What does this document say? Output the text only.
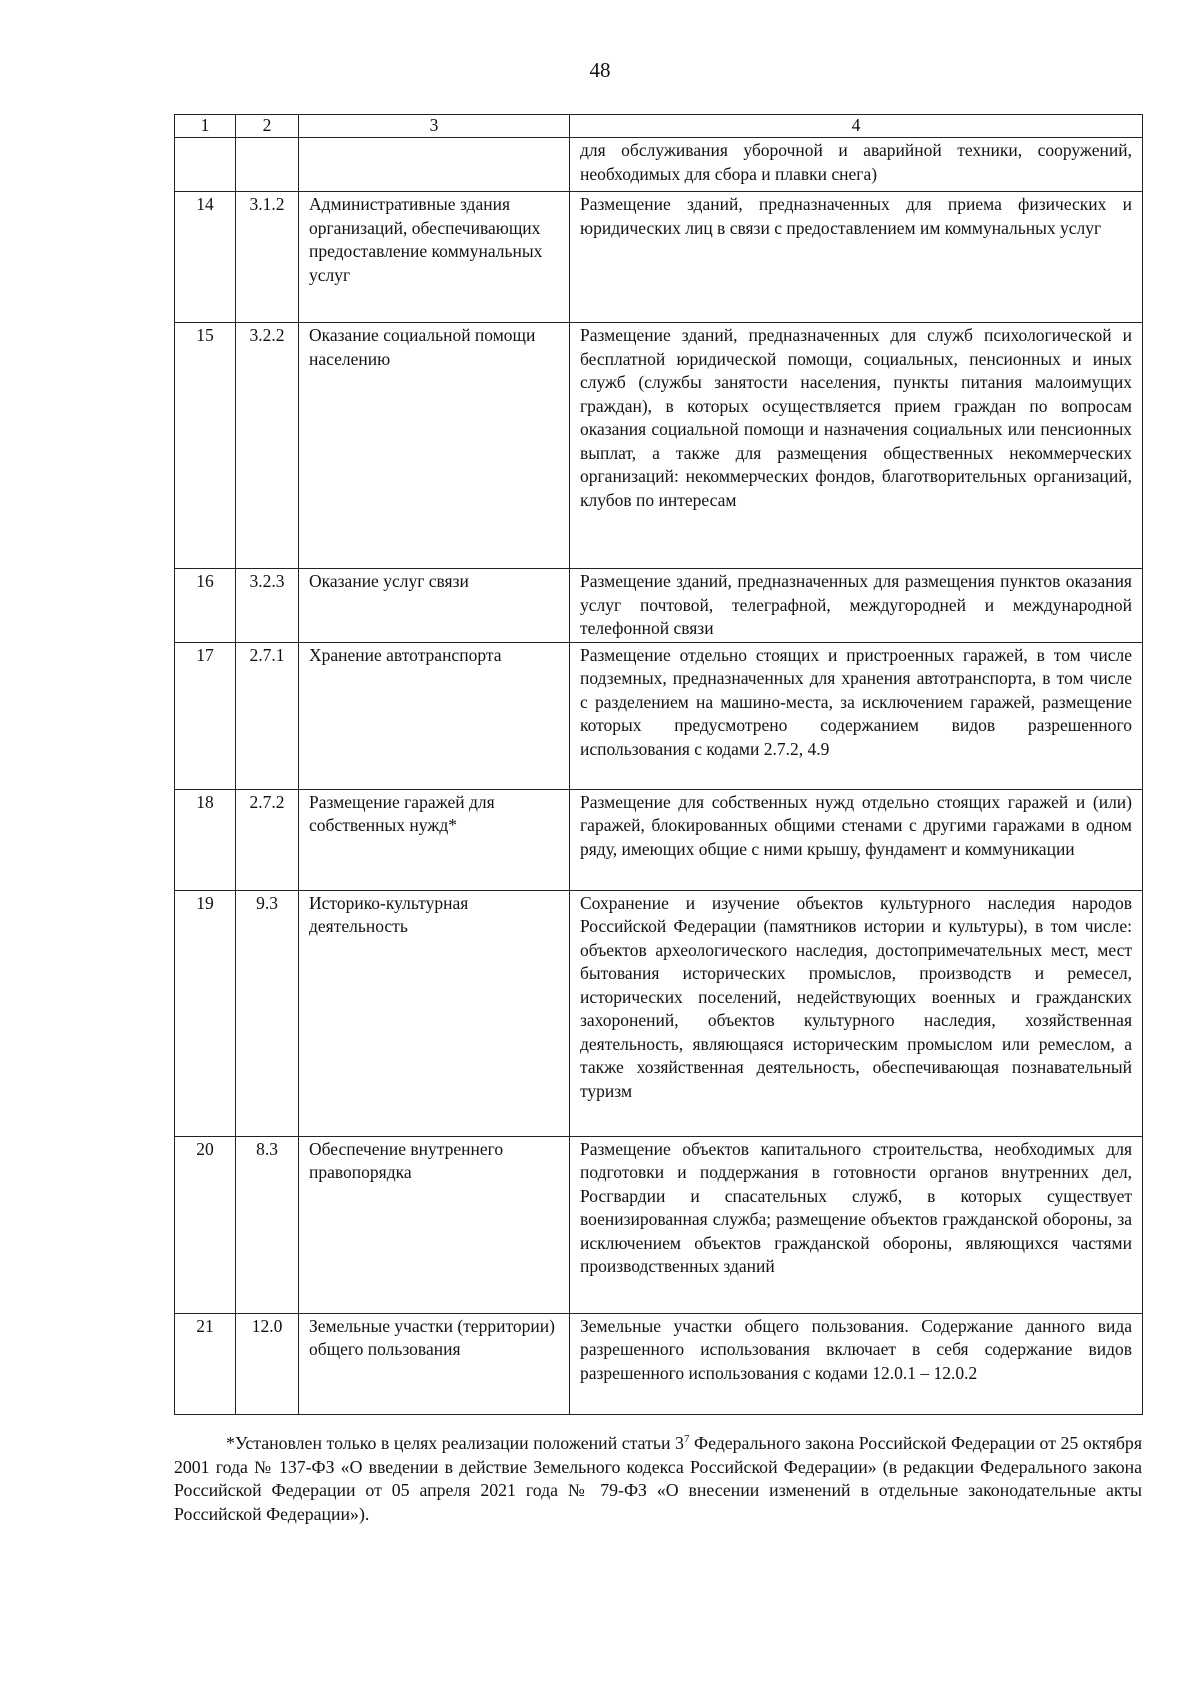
48
1	2	3	4
			для обслуживания уборочной и аварийной техники, сооружений, необходимых для сбора и плавки снега)
14	3.1.2	Административные здания организаций, обеспечивающих предоставление коммунальных услуг	Размещение зданий, предназначенных для приема физических и юридических лиц в связи с предоставлением им коммунальных услуг
15	3.2.2	Оказание социальной помощи населению	Размещение зданий, предназначенных для служб психологической и бесплатной юридической помощи, социальных, пенсионных и иных служб (службы занятости населения, пункты питания малоимущих граждан), в которых осуществляется прием граждан по вопросам оказания социальной помощи и назначения социальных или пенсионных выплат, а также для размещения общественных некоммерческих организаций: некоммерческих фондов, благотворительных организаций, клубов по интересам
16	3.2.3	Оказание услуг связи	Размещение зданий, предназначенных для размещения пунктов оказания услуг почтовой, телеграфной, междугородней и международной телефонной связи
17	2.7.1	Хранение автотранспорта	Размещение отдельно стоящих и пристроенных гаражей, в том числе подземных, предназначенных для хранения автотранспорта, в том числе с разделением на машино-места, за исключением гаражей, размещение которых предусмотрено содержанием видов разрешенного использования с кодами 2.7.2, 4.9
18	2.7.2	Размещение гаражей для собственных нужд*	Размещение для собственных нужд отдельно стоящих гаражей и (или) гаражей, блокированных общими стенами с другими гаражами в одном ряду, имеющих общие с ними крышу, фундамент и коммуникации
19	9.3	Историко-культурная деятельность	Сохранение и изучение объектов культурного наследия народов Российской Федерации (памятников истории и культуры), в том числе: объектов археологического наследия, достопримечательных мест, мест бытования исторических промыслов, производств и ремесел, исторических поселений, недействующих военных и гражданских захоронений, объектов культурного наследия, хозяйственная деятельность, являющаяся историческим промыслом или ремеслом, а также хозяйственная деятельность, обеспечивающая познавательный туризм
20	8.3	Обеспечение внутреннего правопорядка	Размещение объектов капитального строительства, необходимых для подготовки и поддержания в готовности органов внутренних дел, Росгвардии и спасательных служб, в которых существует военизированная служба; размещение объектов гражданской обороны, за исключением объектов гражданской обороны, являющихся частями производственных зданий
21	12.0	Земельные участки (территории) общего пользования	Земельные участки общего пользования. Содержание данного вида разрешенного использования включает в себя содержание видов разрешенного использования с кодами 12.0.1 – 12.0.2
*Установлен только в целях реализации положений статьи $3^7$ Федерального закона Российской Федерации от 25 октября 2001 года № 137-ФЗ «О введении в действие Земельного кодекса Российской Федерации» (в редакции Федерального закона Российской Федерации от 05 апреля 2021 года № 79-ФЗ «О внесении изменений в отдельные законодательные акты Российской Федерации»).
